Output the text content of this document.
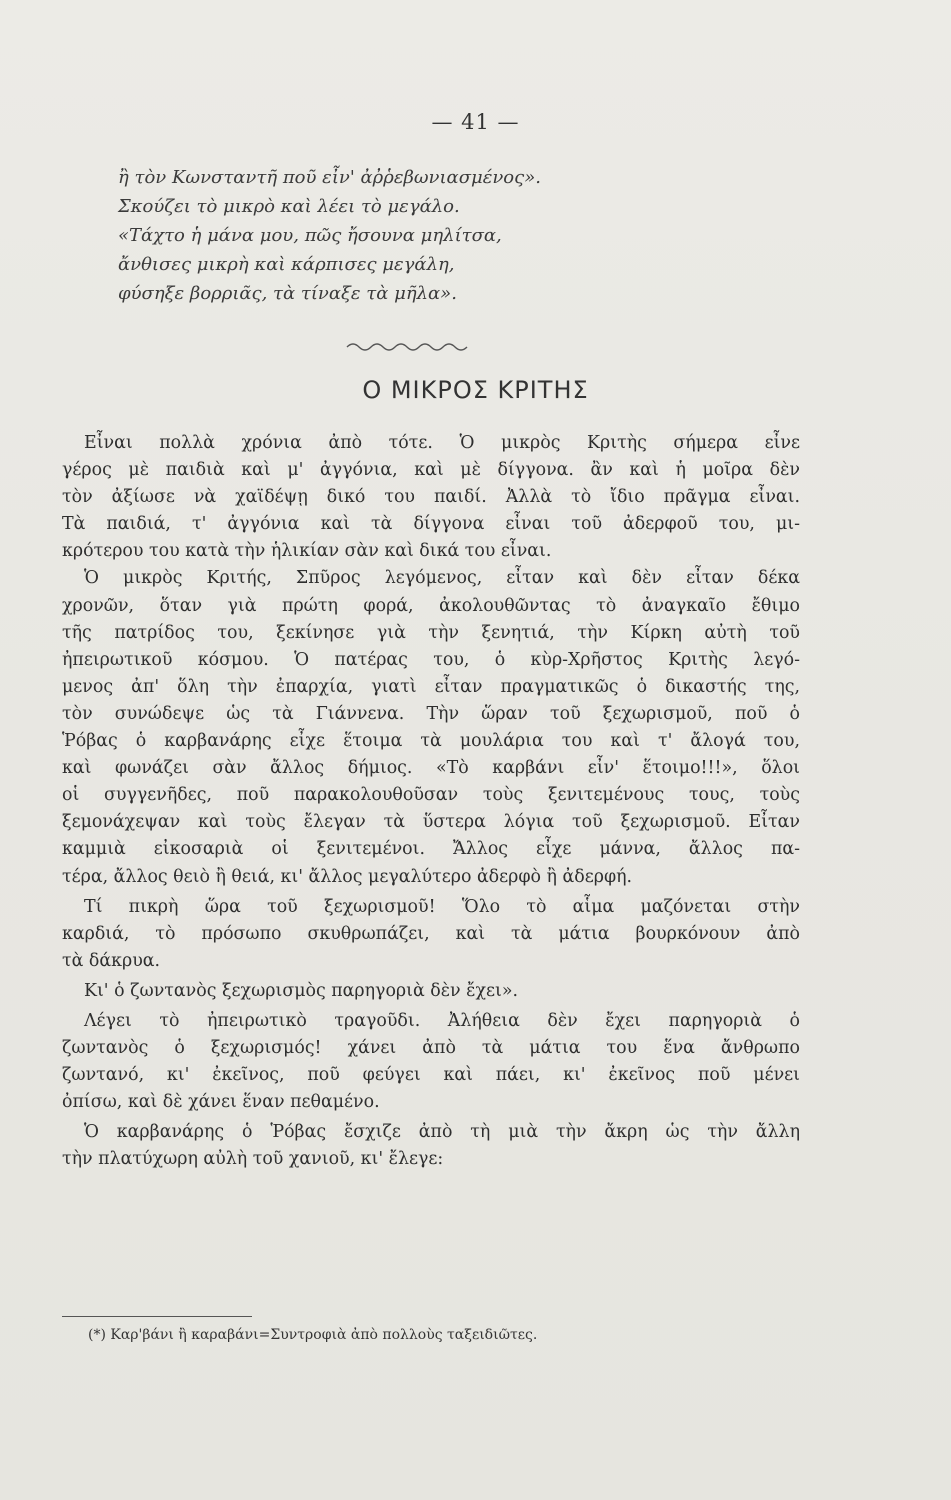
— 41 —
ἢ τὸν Κωνσταντῆ ποῦ εἶν' ἀῤῥεβωνιασμένος».
Σκούζει τὸ μικρὸ καὶ λέει τὸ μεγάλο.
«Τάχτο ἡ μάνα μου, πῶς ἤσουνα μηλίτσα,
ἄνθισες μικρὴ καὶ κάρπισες μεγάλη,
φύσηξε βορριᾶς, τὰ τίναξε τὰ μῆλα».
Ο ΜΙΚΡΟΣ ΚΡΙΤΗΣ
Εἶναι πολλὰ χρόνια ἀπὸ τότε. Ὁ μικρὸς Κριτὴς σήμερα εἶνε
γέρος μὲ παιδιὰ καὶ μ' ἀγγόνια, καὶ μὲ δίγγονα. ἂν καὶ ἡ μοῖρα δὲν
τὸν ἀξίωσε νὰ χαϊδέψῃ δικό του παιδί. Ἀλλὰ τὸ ἴδιο πρᾶγμα εἶναι.
Τὰ παιδιά, τ' ἀγγόνια καὶ τὰ δίγγονα εἶναι τοῦ ἀδερφοῦ του, μι-
κρότερου του κατὰ τὴν ἡλικίαν σὰν καὶ δικά του εἶναι.
Ὁ μικρὸς Κριτής, Σπῦρος λεγόμενος, εἶταν καὶ δὲν εἶταν δέκα
χρονῶν, ὅταν γιὰ πρώτη φορά, ἀκολουθῶντας τὸ ἀναγκαῖο ἔθιμο
τῆς πατρίδος του, ξεκίνησε γιὰ τὴν ξενητιά, τὴν Κίρκη αὐτὴ τοῦ
ἠπειρωτικοῦ κόσμου. Ὁ πατέρας του, ὁ κὺρ-Χρῆστος Κριτὴς λεγό-
μενος ἀπ' ὅλη τὴν ἐπαρχία, γιατὶ εἶταν πραγματικῶς ὁ δικαστής της,
τὸν συνώδεψε ὡς τὰ Γιάννενα. Τὴν ὥραν τοῦ ξεχωρισμοῦ, ποῦ ὁ
Ῥόβας ὁ καρβανάρης εἶχε ἕτοιμα τὰ μουλάρια του καὶ τ' ἄλογά του,
καὶ φωνάζει σὰν ἄλλος δήμιος. «Τὸ καρβάνι εἶν' ἕτοιμο!!!», ὅλοι
οἱ συγγενῆδες, ποῦ παρακολουθοῦσαν τοὺς ξενιτεμένους τους, τοὺς
ξεμονάχεψαν καὶ τοὺς ἔλεγαν τὰ ὕστερα λόγια τοῦ ξεχωρισμοῦ. Εἶταν
καμμιὰ εἰκοσαριὰ οἱ ξενιτεμένοι. Ἄλλος εἶχε μάννα, ἄλλος πα-
τέρα, ἄλλος θειὸ ἢ θειά, κι' ἄλλος μεγαλύτερο ἀδερφὸ ἢ ἀδερφή.
Τί πικρὴ ὥρα τοῦ ξεχωρισμοῦ! Ὅλο τὸ αἷμα μαζόνεται στὴν
καρδιά, τὸ πρόσωπο σκυθρωπάζει, καὶ τὰ μάτια βουρκόνουν ἀπὸ
τὰ δάκρυα.
Κι' ὁ ζωντανὸς ξεχωρισμὸς παρηγοριὰ δὲν ἔχει».
Λέγει τὸ ἠπειρωτικὸ τραγοῦδι. Ἀλήθεια δὲν ἔχει παρηγοριὰ ὁ
ζωντανὸς ὁ ξεχωρισμός! χάνει ἀπὸ τὰ μάτια του ἕνα ἄνθρωπο
ζωντανό, κι' ἐκεῖνος, ποῦ φεύγει καὶ πάει, κι' ἐκεῖνος ποῦ μένει
ὀπίσω, καὶ δὲ χάνει ἕναν πεθαμένο.
Ὁ καρβανάρης ὁ Ῥόβας ἔσχιζε ἀπὸ τὴ μιὰ τὴν ἄκρη ὡς τὴν ἄλλη
τὴν πλατύχωρη αὐλὴ τοῦ χανιοῦ, κι' ἔλεγε:
(*) Καρ'βάνι ἢ καραβάνι=Συντροφιὰ ἀπὸ πολλοὺς ταξειδιῶτες.
